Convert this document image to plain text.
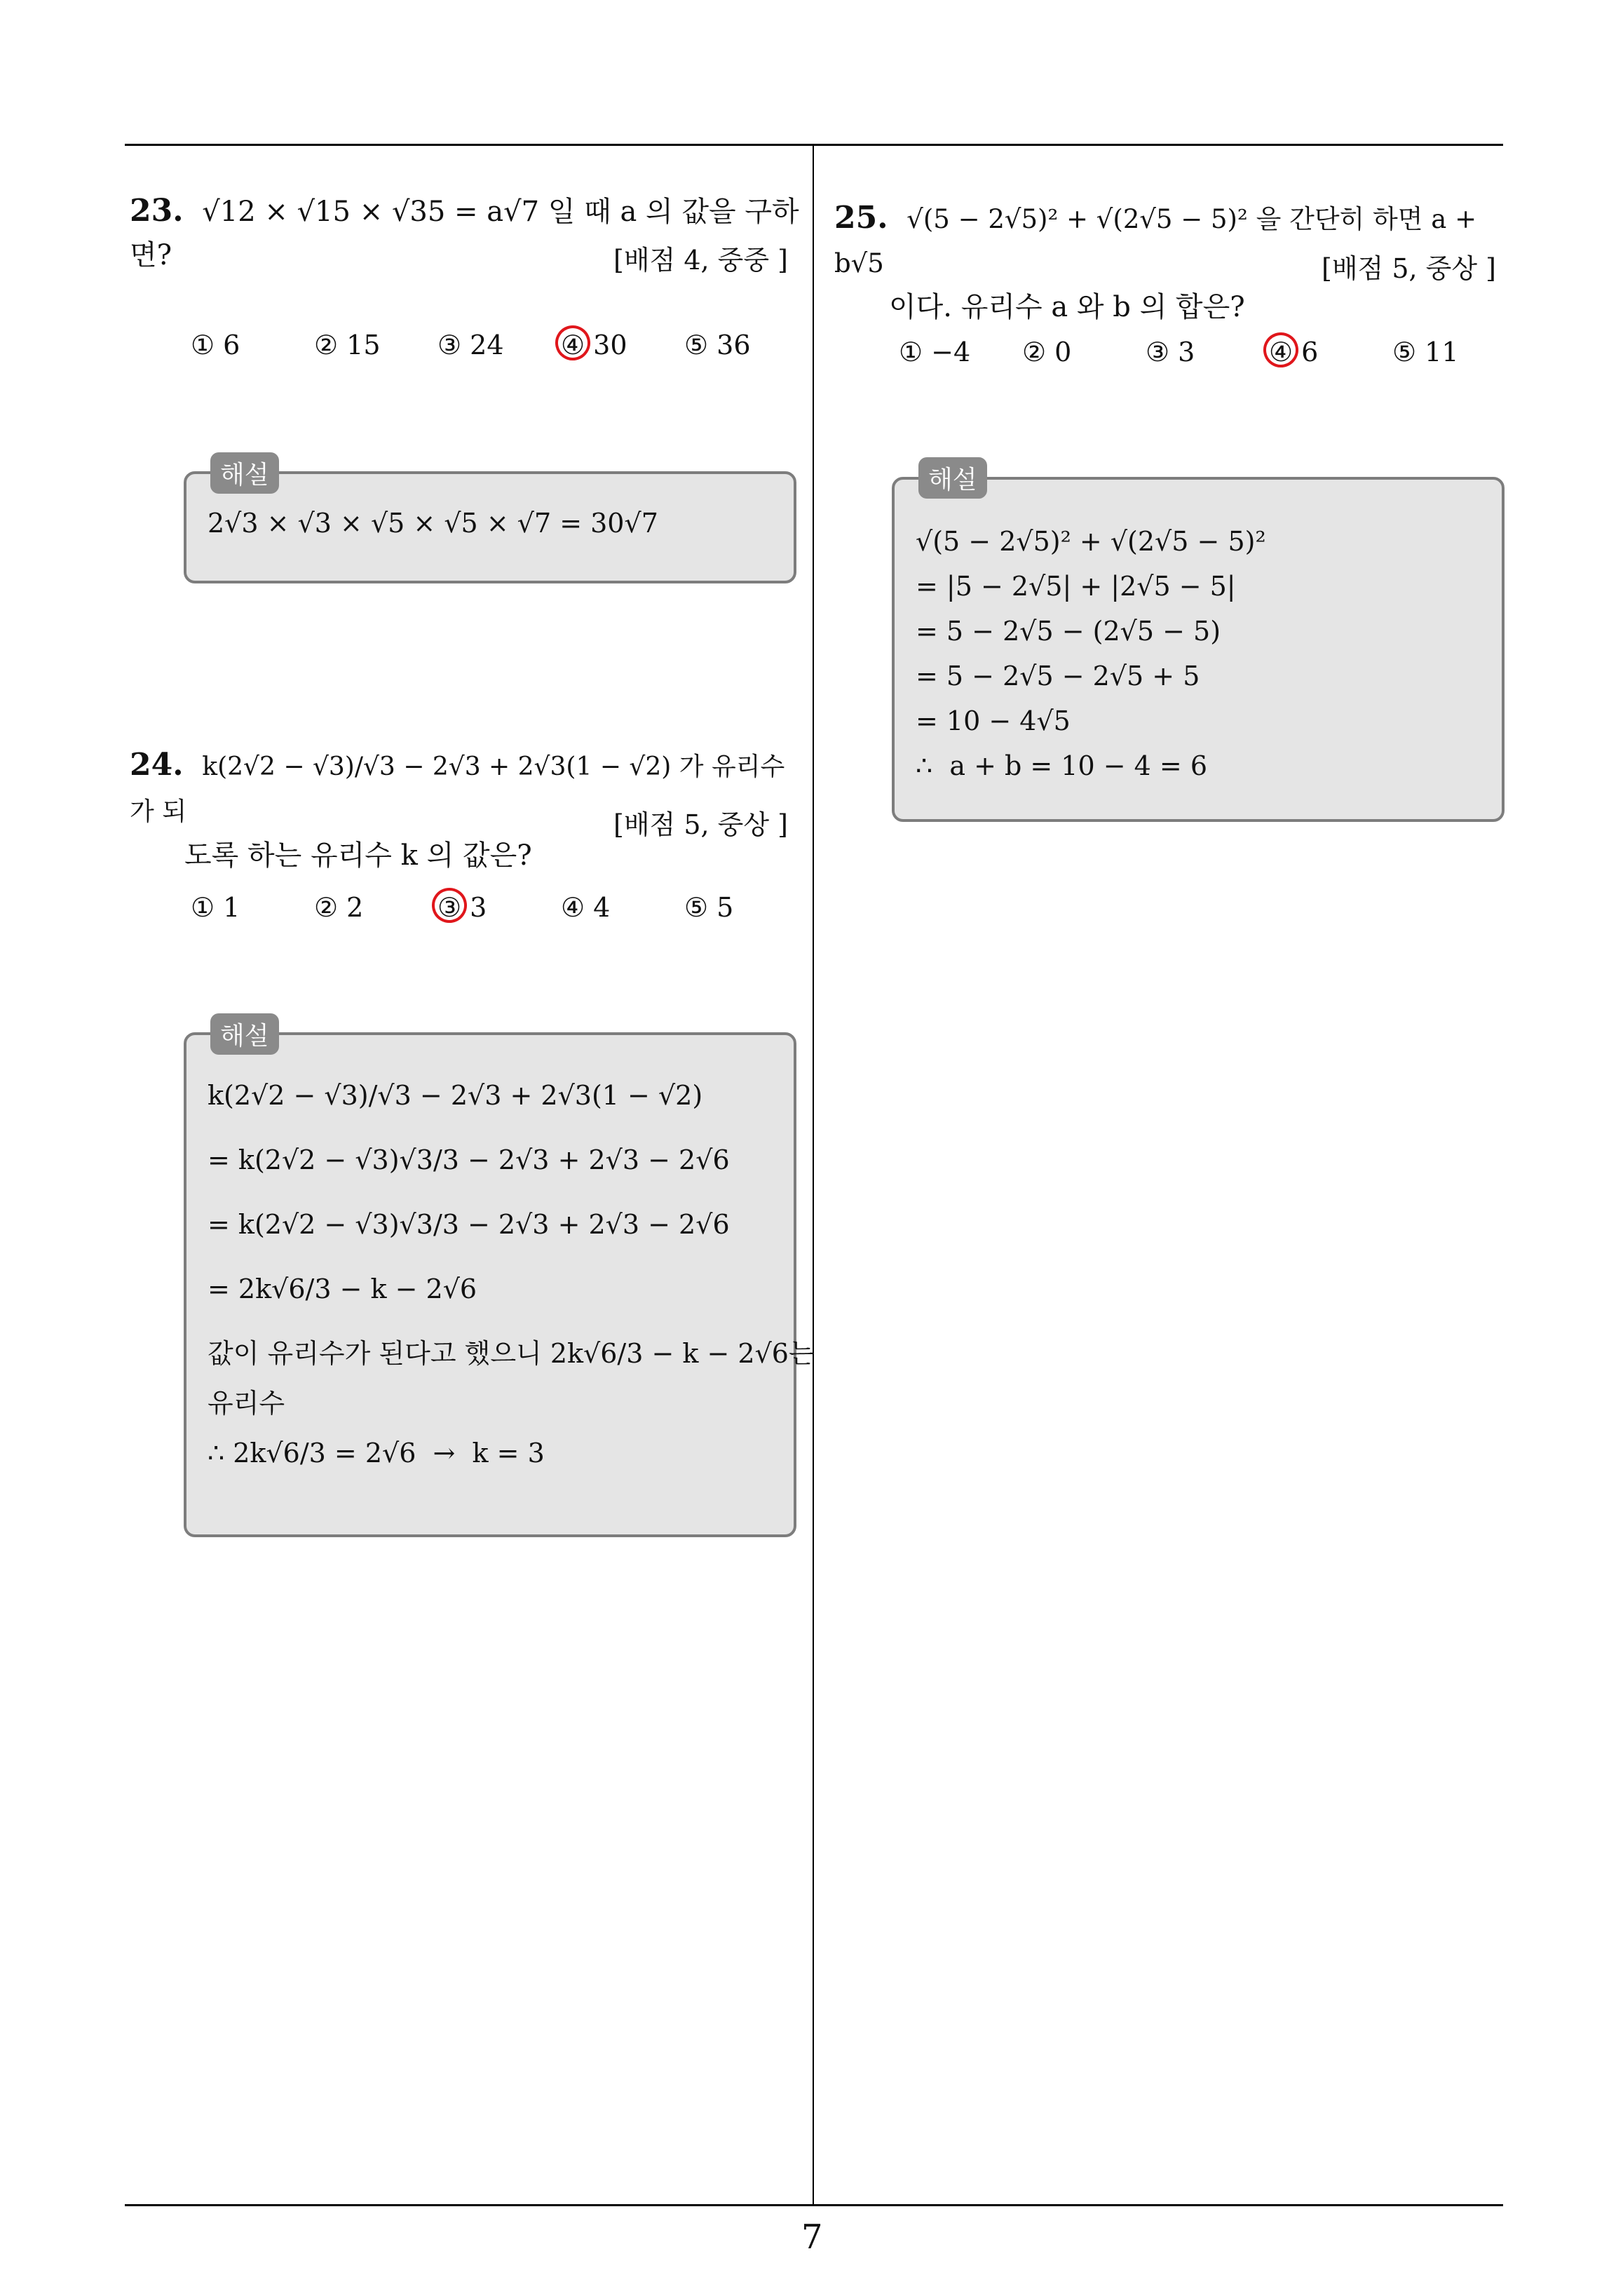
23. √12 × √15 × √35 = a√7 일 때 a 의 값을 구하면?	[배점 4, 중중 ]
① 6	② 15	③ 24	④ 30	⑤ 36
2√3 × √3 × √5 × √5 × √7 = 30√7
해설
24. k(2√2 − √3)/√3 − 2√3 + 2√3(1 − √2) 가 유리수가 되
도록 하는 유리수 k 의 값은?
[배점 5, 중상 ]
① 1	② 2	③ 3	④ 4	⑤ 5
k(2√2 − √3)/√3 − 2√3 + 2√3(1 − √2)
= k(2√2 − √3)√3/3 − 2√3 + 2√3 − 2√6
= k(2√2 − √3)√3/3 − 2√3 + 2√3 − 2√6
= 2k√6/3 − k − 2√6
값이 유리수가 된다고 했으니 2k√6/3 − k − 2√6는
유리수
∴ 2k√6/3 = 2√6  →  k = 3
해설
25. √(5 − 2√5)² + √(2√5 − 5)² 을 간단히 하면 a + b√5
이다. 유리수 a 와 b 의 합은?
[배점 5, 중상 ]
① −4	② 0	③ 3	④ 6	⑤ 11
√(5 − 2√5)² + √(2√5 − 5)²
= |5 − 2√5| + |2√5 − 5|
= 5 − 2√5 − (2√5 − 5)
= 5 − 2√5 − 2√5 + 5
= 10 − 4√5
∴  a + b = 10 − 4 = 6
해설
7
